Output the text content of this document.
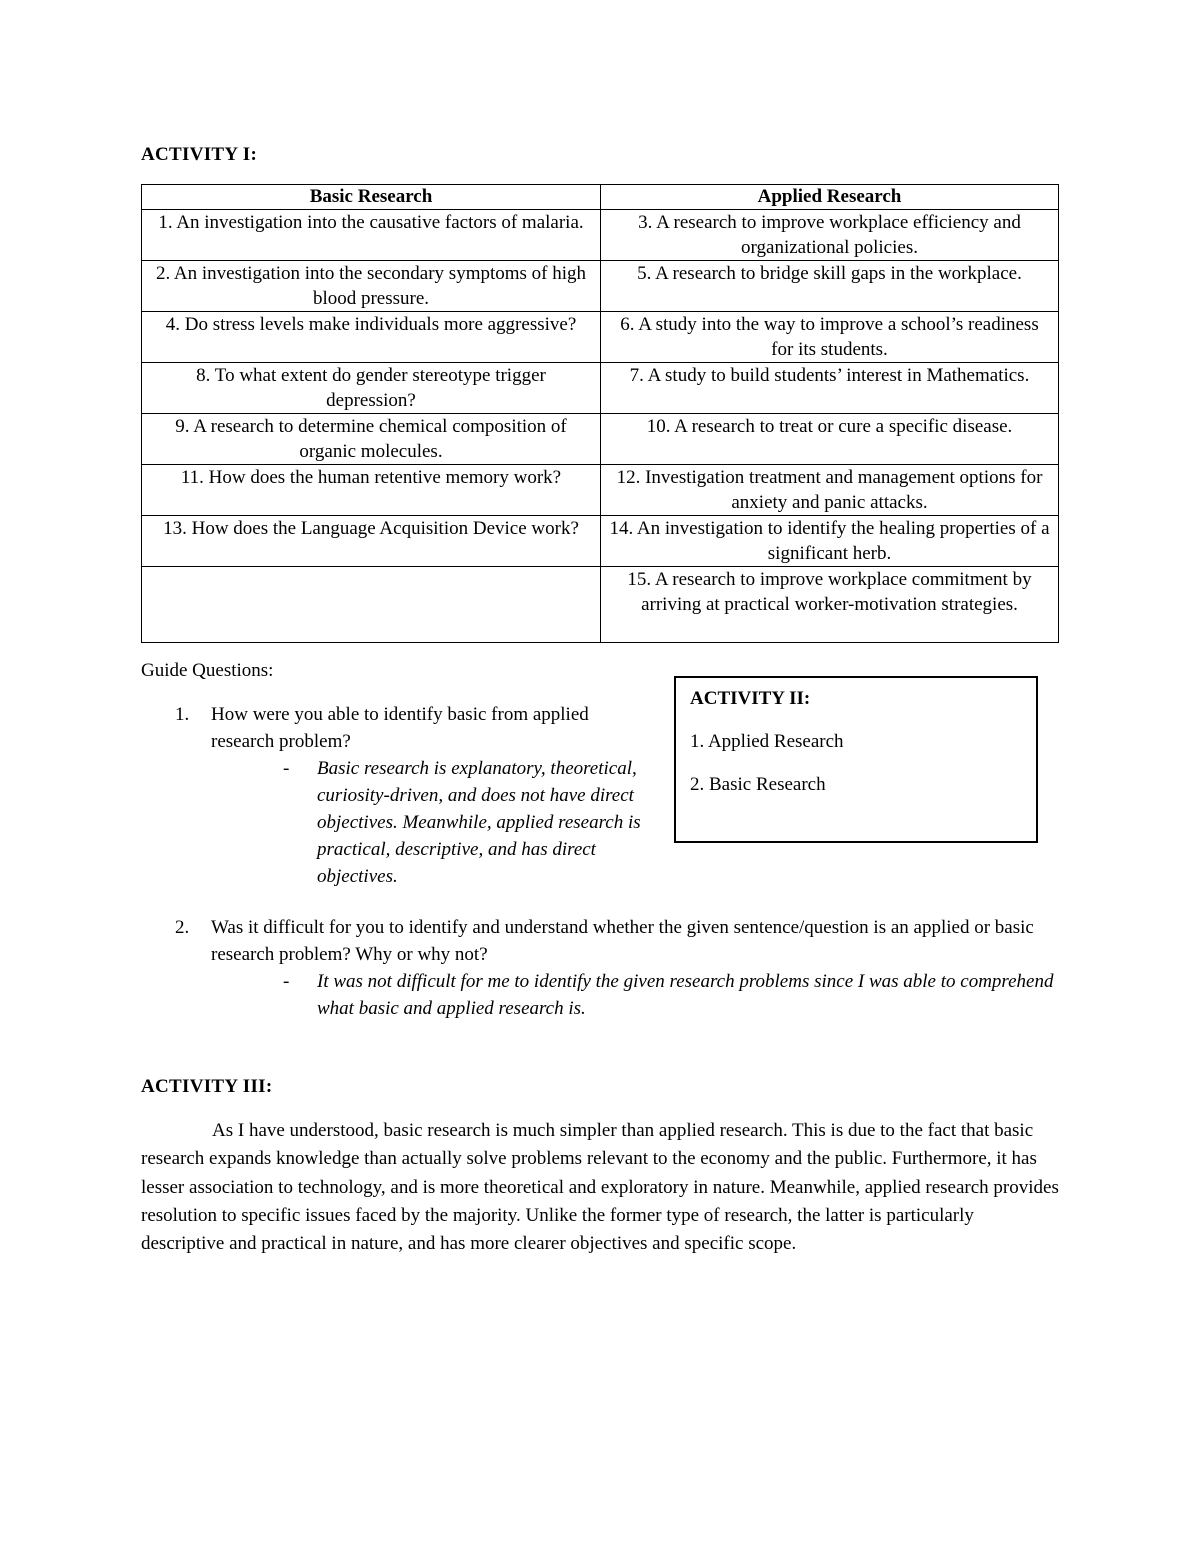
ACTIVITY I:
Basic Research	Applied Research
1. An investigation into the causative factors of malaria.	3. A research to improve workplace efficiency and organizational policies.
2. An investigation into the secondary symptoms of high blood pressure.	5. A research to bridge skill gaps in the workplace.
4. Do stress levels make individuals more aggressive?	6. A study into the way to improve a school’s readiness for its students.
8. To what extent do gender stereotype trigger depression?	7. A study to build students’ interest in Mathematics.
9. A research to determine chemical composition of organic molecules.	10. A research to treat or cure a specific disease.
11. How does the human retentive memory work?	12. Investigation treatment and management options for anxiety and panic attacks.
13. How does the Language Acquisition Device work?	14. An investigation to identify the healing properties of a significant herb.
	15. A research to improve workplace commitment by arriving at practical worker-motivation strategies.
Guide Questions:
1. How were you able to identify basic from applied research problem?
- Basic research is explanatory, theoretical, curiosity-driven, and does not have direct objectives. Meanwhile, applied research is practical, descriptive, and has direct objectives.
ACTIVITY II:
1. Applied Research
2. Basic Research
2. Was it difficult for you to identify and understand whether the given sentence/question is an applied or basic research problem? Why or why not?
- It was not difficult for me to identify the given research problems since I was able to comprehend what basic and applied research is.
ACTIVITY III:
As I have understood, basic research is much simpler than applied research. This is due to the fact that basic research expands knowledge than actually solve problems relevant to the economy and the public. Furthermore, it has lesser association to technology, and is more theoretical and exploratory in nature. Meanwhile, applied research provides resolution to specific issues faced by the majority. Unlike the former type of research, the latter is particularly descriptive and practical in nature, and has more clearer objectives and specific scope.
